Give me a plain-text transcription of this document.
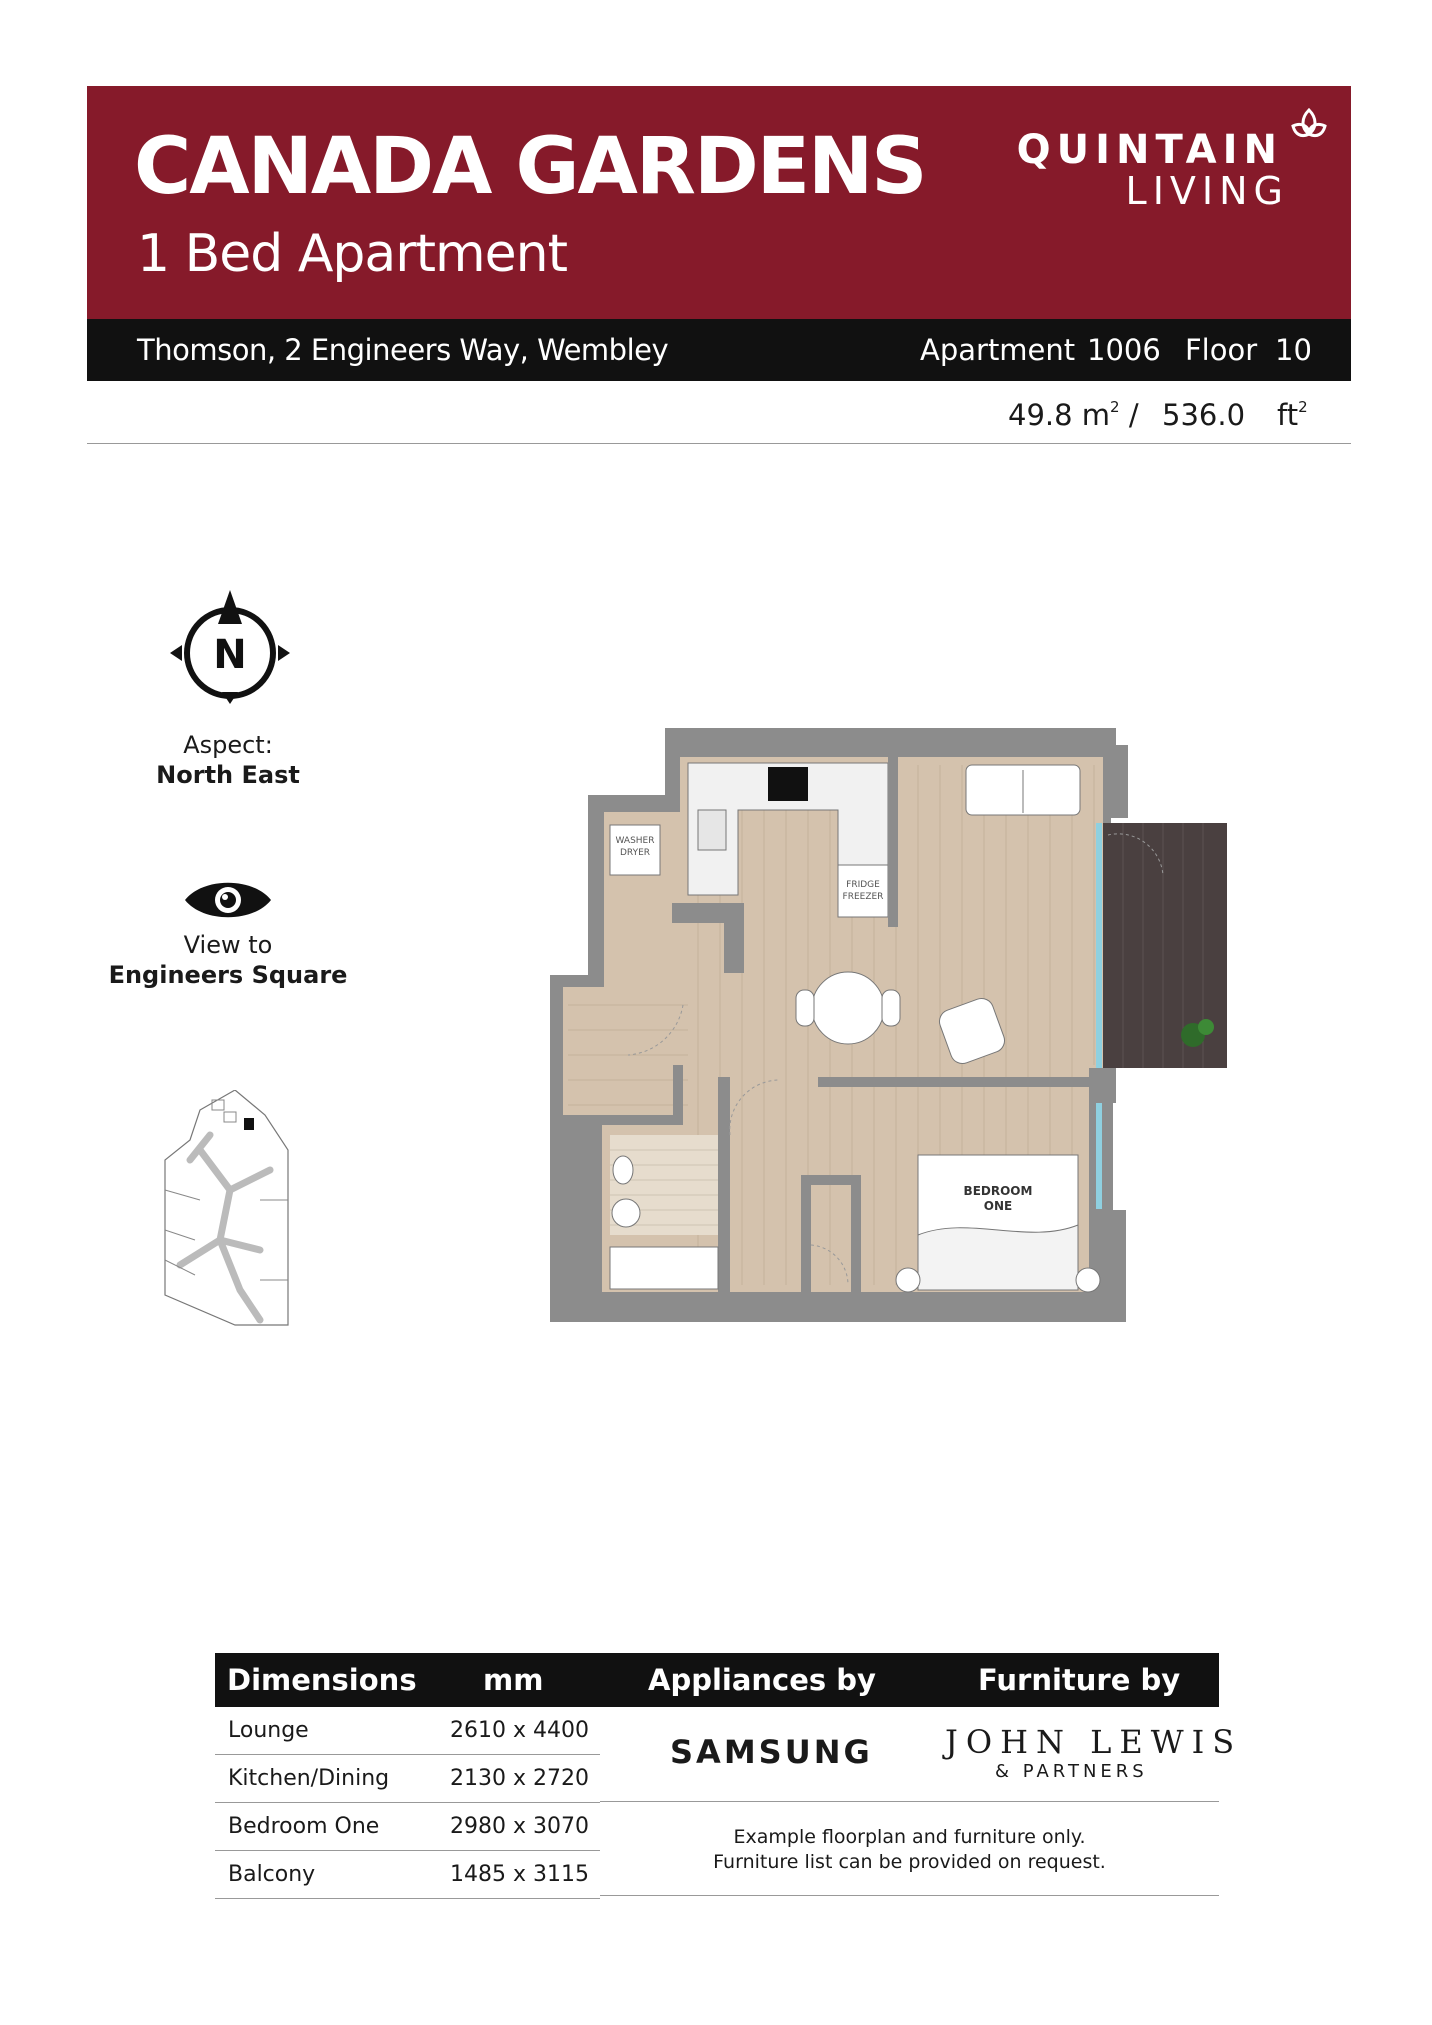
CANADA GARDENS
1 Bed Apartment
QUINTAIN
LIVING
Thomson, 2 Engineers Way, Wembley	Apartment 1006 Floor 10
49.8 $m^2 / 536.0$ $ft^2$
N
Aspect:
North East
View to
Engineers Square
WASHER
DRYER
FRIDGE
FREEZER
BEDROOM
ONE
Dimensions mm	Appliances by	Furniture by
Lounge	2610 x 4400
Kitchen/Dining	2130 x 2720
Bedroom One	2980 x 3070
Balcony	1485 x 3115
SAMSUNG JOHN LEWIS
& PARTNERS
Example floorplan and furniture only.
Furniture list can be provided on request.
